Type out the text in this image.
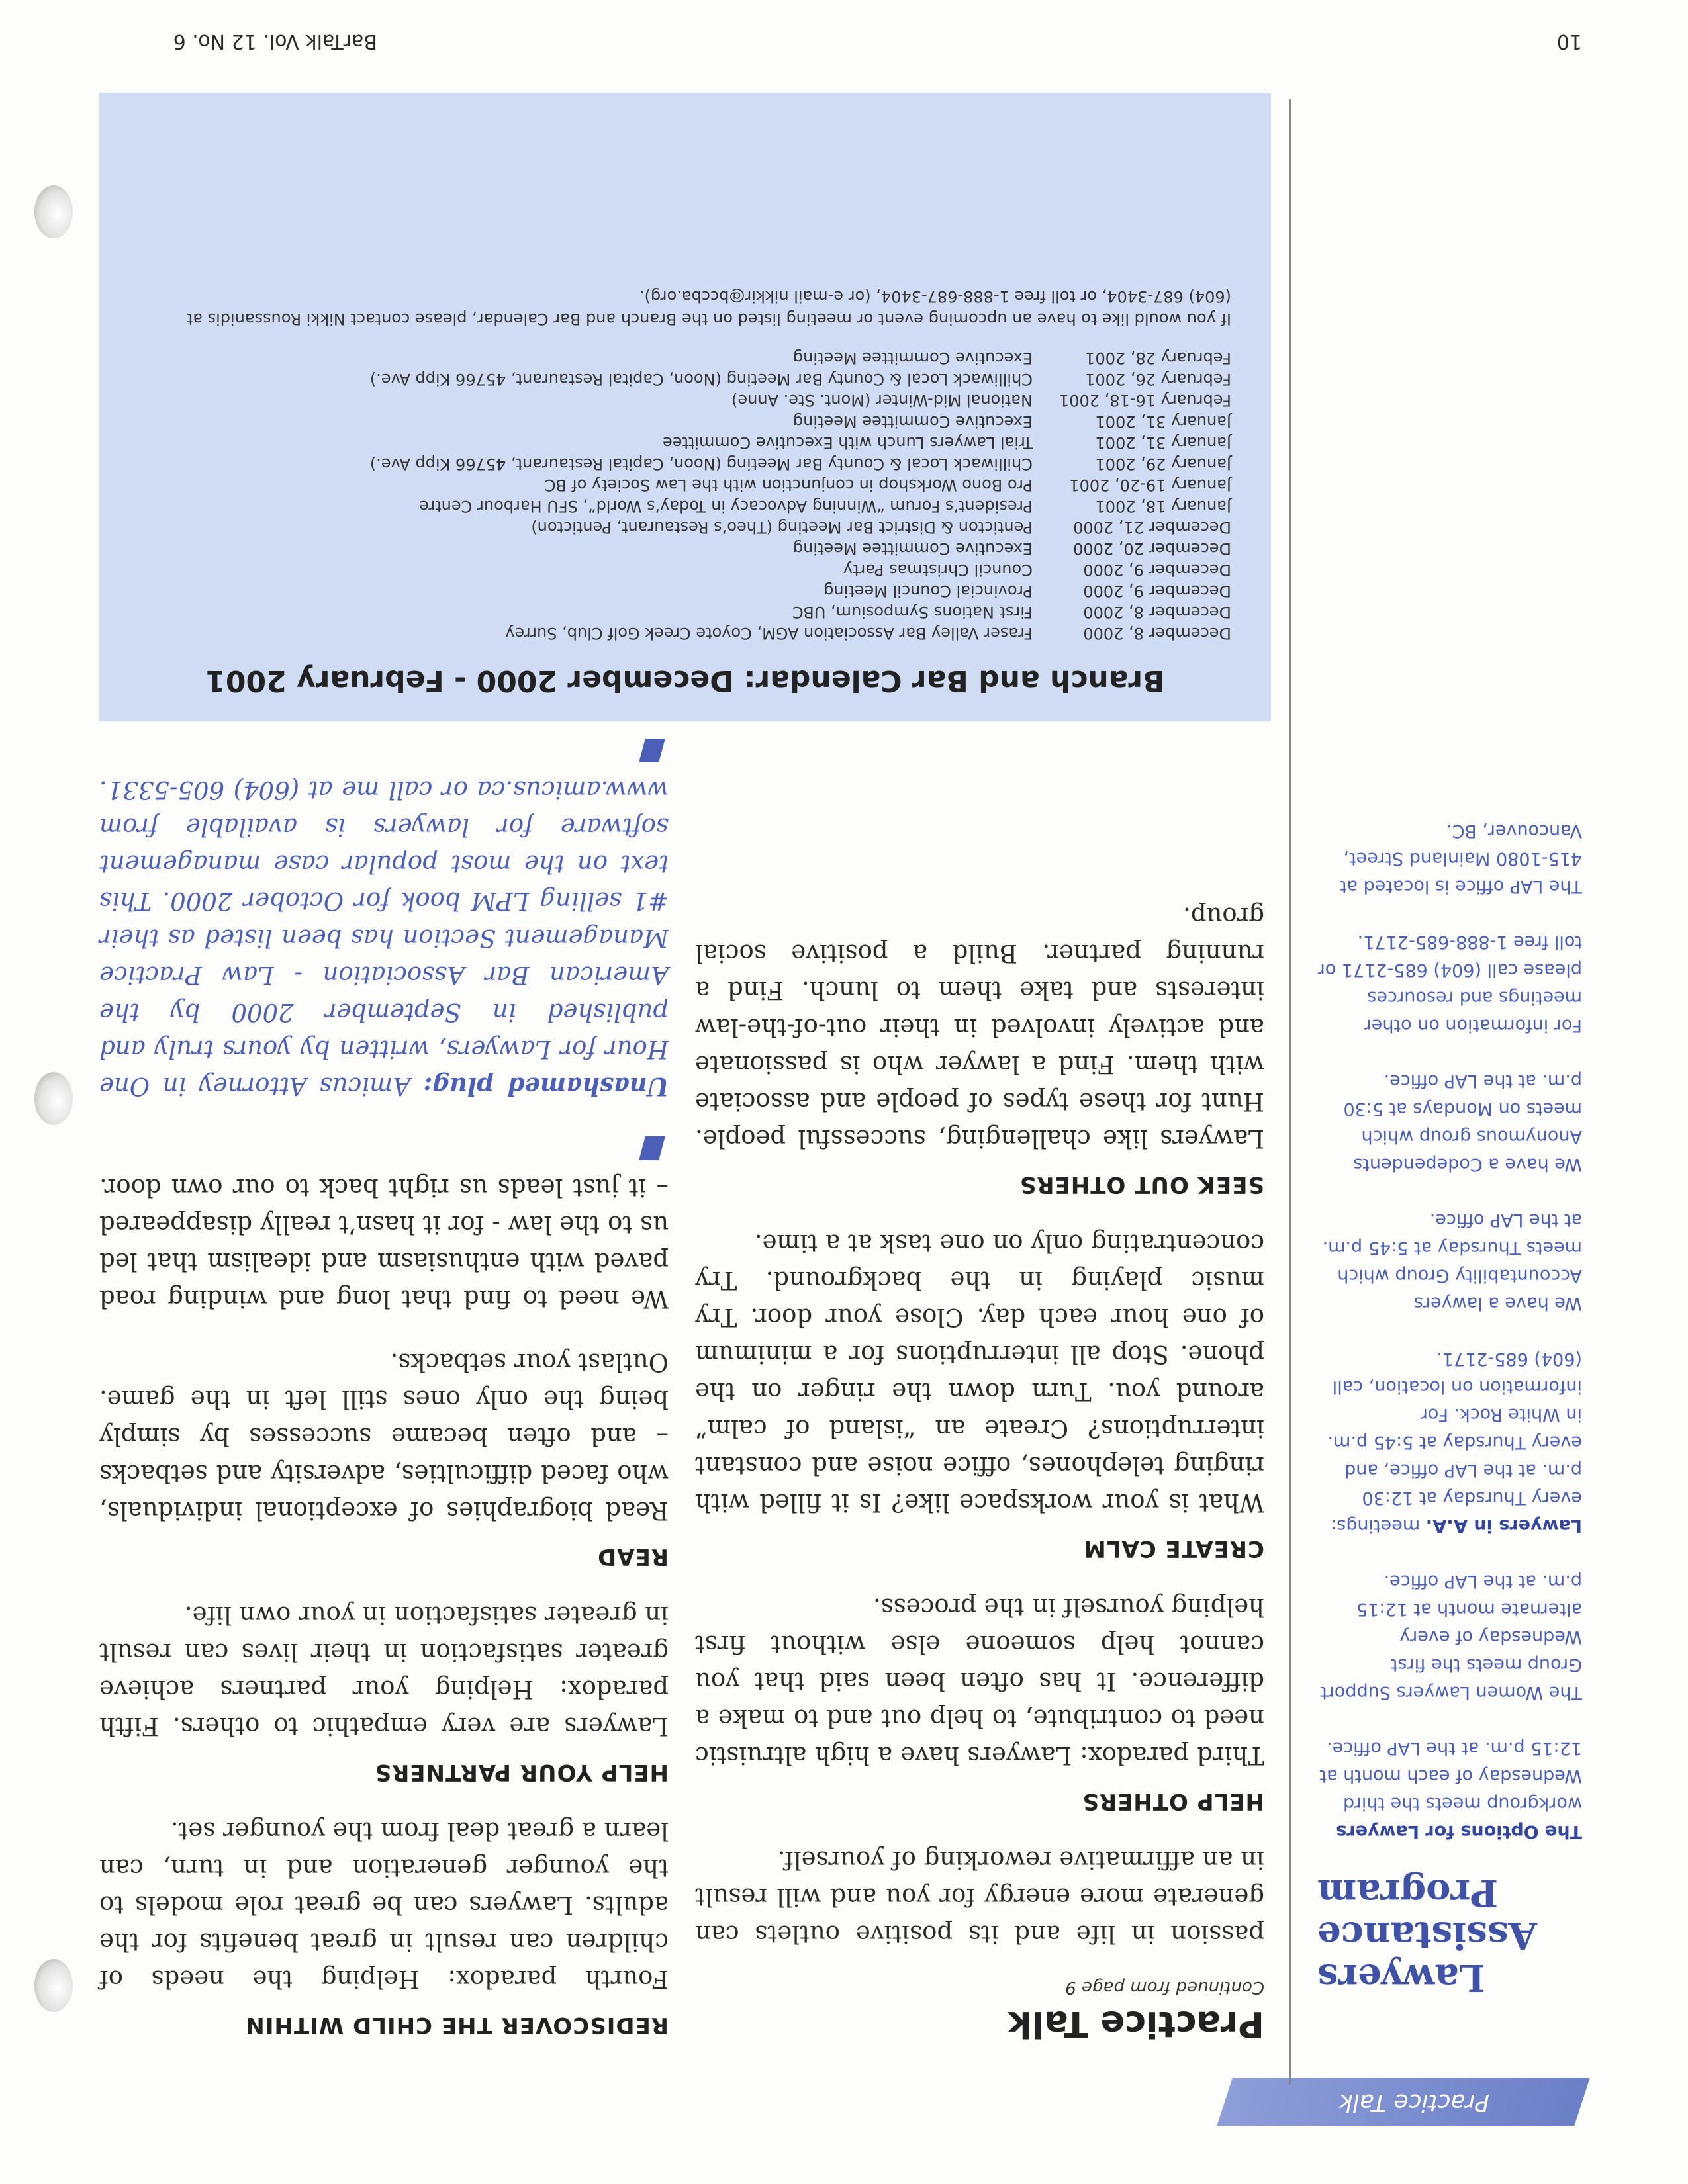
Practice Talk
Lawyers Assistance Program

The Options for Lawyers workgroup meets the third Wednesday of each month at 12:15 p.m. at the LAP office.

The Women Lawyers Support Group meets the first Wednesday of every alternate month at 12:15 p.m. at the LAP office.

Lawyers in A.A. meetings: every Thursday at 12:30 p.m. at the LAP office, and every Thursday at 5:45 p.m. in White Rock. For information on location, call (604) 685-2171.

We have a lawyers Accountability Group which meets Thursday at 5:45 p.m. at the LAP office.

We have a Codependents Anonymous group which meets on Mondays at 5:30 p.m. at the LAP office.

For information on other meetings and resources please call (604) 685-2171 or toll free 1-888-685-2171.

The LAP office is located at 415-1080 Mainland Street, Vancouver, BC.

Practice Talk
Continued from page 9

passion in life and its positive outlets can generate more energy for you and will result in an affirmative reworking of yourself.

HELP OTHERS

Third paradox: Lawyers have a high altruistic need to contribute, to help out and to make a difference. It has often been said that you cannot help someone else without first helping yourself in the process.

CREATE CALM

What is your workspace like? Is it filled with ringing telephones, office noise and constant interruptions? Create an “island of calm” around you. Turn down the ringer on the phone. Stop all interruptions for a minimum of one hour each day. Close your door. Try music playing in the background. Try concentrating only on one task at a time.

SEEK OUT OTHERS

Lawyers like challenging, successful people. Hunt for these types of people and associate with them. Find a lawyer who is passionate and actively involved in their out-of-the-law interests and take them to lunch. Find a running partner. Build a positive social group.

REDISCOVER THE CHILD WITHIN

Fourth paradox: Helping the needs of children can result in great benefits for the adults. Lawyers can be great role models to the younger generation and in turn, can learn a great deal from the younger set.

HELP YOUR PARTNERS

Lawyers are very empathic to others. Fifth paradox: Helping your partners achieve greater satisfaction in their lives can result in greater satisfaction in your own life.

READ

Read biographies of exceptional individuals, who faced difficulties, adversity and setbacks – and often became successes by simply being the only ones still left in the game. Outlast your setbacks.

We need to find that long and winding road paved with enthusiasm and idealism that led us to the law - for it hasn’t really disappeared – it just leads us right back to our own door.

Unashamed plug: Amicus Attorney in One Hour for Lawyers, written by yours truly and published in September 2000 by the American Bar Association - Law Practice Management Section has been listed as their #1 selling LPM book for October 2000. This text on the most popular case management software for lawyers is available from www.amicus.ca or call me at (604) 605-5331.

Branch and Bar Calendar: December 2000 - February 2001
December 8, 2000
Fraser Valley Bar Association AGM, Coyote Creek Golf Club, Surrey
December 8, 2000
First Nations Symposium, UBC
December 9, 2000
Provincial Council Meeting
December 9, 2000
Council Christmas Party
December 20, 2000
Executive Committee Meeting
December 21, 2000
Penticton & District Bar Meeting (Theo’s Restaurant, Penticton)
January 18, 2001
President’s Forum “Winning Advocacy in Today’s World”, SFU Harbour Centre
January 19-20, 2001
Pro Bono Workshop in conjunction with the Law Society of BC
January 29, 2001
Chilliwack Local & County Bar Meeting (Noon, Capital Restaurant, 45766 Kipp Ave.)
January 31, 2001
Trial Lawyers Lunch with Executive Committee
January 31, 2001
Executive Committee Meeting
February 16-18, 2001
National Mid-Winter (Mont. Ste. Anne)
February 26, 2001
Chilliwack Local & County Bar Meeting (Noon, Capital Restaurant, 45766 Kipp Ave.)
February 28, 2001
Executive Committee Meeting
If you would like to have an upcoming event or meeting listed on the Branch and Bar Calendar, please contact Nikki Roussanidis at (604) 687-3404, or toll free 1-888-687-3404, (or e-mail nikkir@bccba.org).
10
BarTalk Vol. 12 No. 6
